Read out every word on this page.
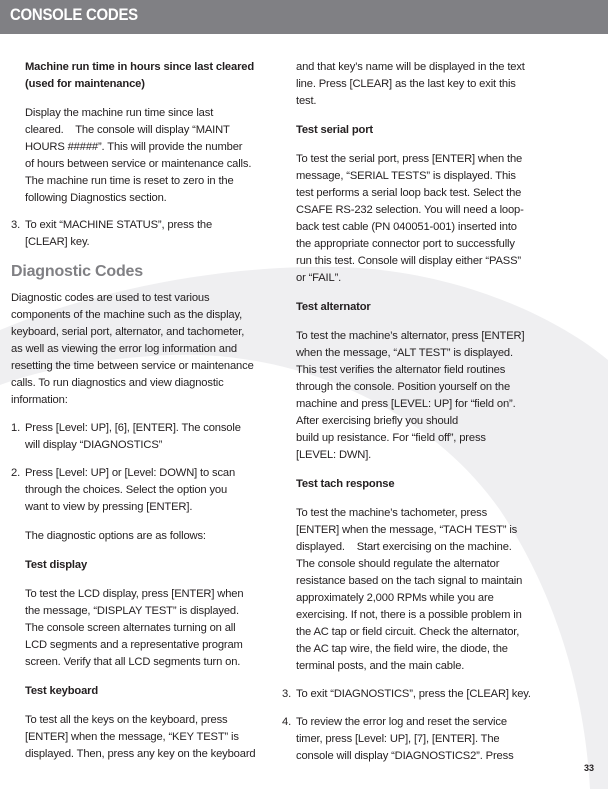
CONSOLE CODES

Machine run time in hours since last cleared (used for maintenance)

Display the machine run time since last

cleared.    The console will display “MAINT

HOURS #####”. This will provide the number

of hours between service or maintenance calls.

The machine run time is reset to zero in the

following Diagnostics section.

3. To exit “MACHINE STATUS”, press the

[CLEAR] key.

Diagnostic Codes

Diagnostic codes are used to test various

components of the machine such as the display,

keyboard, serial port, alternator, and tachometer,

as well as viewing the error log information and

resetting the time between service or maintenance

calls. To run diagnostics and view diagnostic

information:

1. Press [Level: UP], [6], [ENTER]. The console

will display “DIAGNOSTICS”

2. Press [Level: UP] or [Level: DOWN] to scan

through the choices. Select the option you

want to view by pressing [ENTER].

The diagnostic options are as follows:

Test display

To test the LCD display, press [ENTER] when

the message, “DISPLAY TEST” is displayed.

The console screen alternates turning on all

LCD segments and a representative program

screen. Verify that all LCD segments turn on.

Test keyboard

To test all the keys on the keyboard, press

[ENTER] when the message, “KEY TEST” is

displayed. Then, press any key on the keyboard

and that key’s name will be displayed in the text

line. Press [CLEAR] as the last key to exit this

test.

Test serial port

To test the serial port, press [ENTER] when the

message, “SERIAL TESTS” is displayed. This

test performs a serial loop back test. Select the

CSAFE RS-232 selection. You will need a loop-

back test cable (PN 040051-001) inserted into

the appropriate connector port to successfully

run this test. Console will display either “PASS”

or “FAIL”.

Test alternator

To test the machine’s alternator, press [ENTER]

when the message, “ALT TEST” is displayed.

This test verifies the alternator field routines

through the console. Position yourself on the

machine and press [LEVEL: UP] for “field on”.

After exercising briefly you should

build up resistance. For “field off”, press

[LEVEL: DWN].

Test tach response

To test the machine’s tachometer, press

[ENTER] when the message, “TACH TEST” is

displayed.    Start exercising on the machine.

The console should regulate the alternator

resistance based on the tach signal to maintain

approximately 2,000 RPMs while you are

exercising. If not, there is a possible problem in

the AC tap or field circuit. Check the alternator,

the AC tap wire, the field wire, the diode, the

terminal posts, and the main cable.

3. To exit “DIAGNOSTICS”, press the [CLEAR] key.

4. To review the error log and reset the service

timer, press [Level: UP], [7], [ENTER]. The

console will display “DIAGNOSTICS2”. Press

33
